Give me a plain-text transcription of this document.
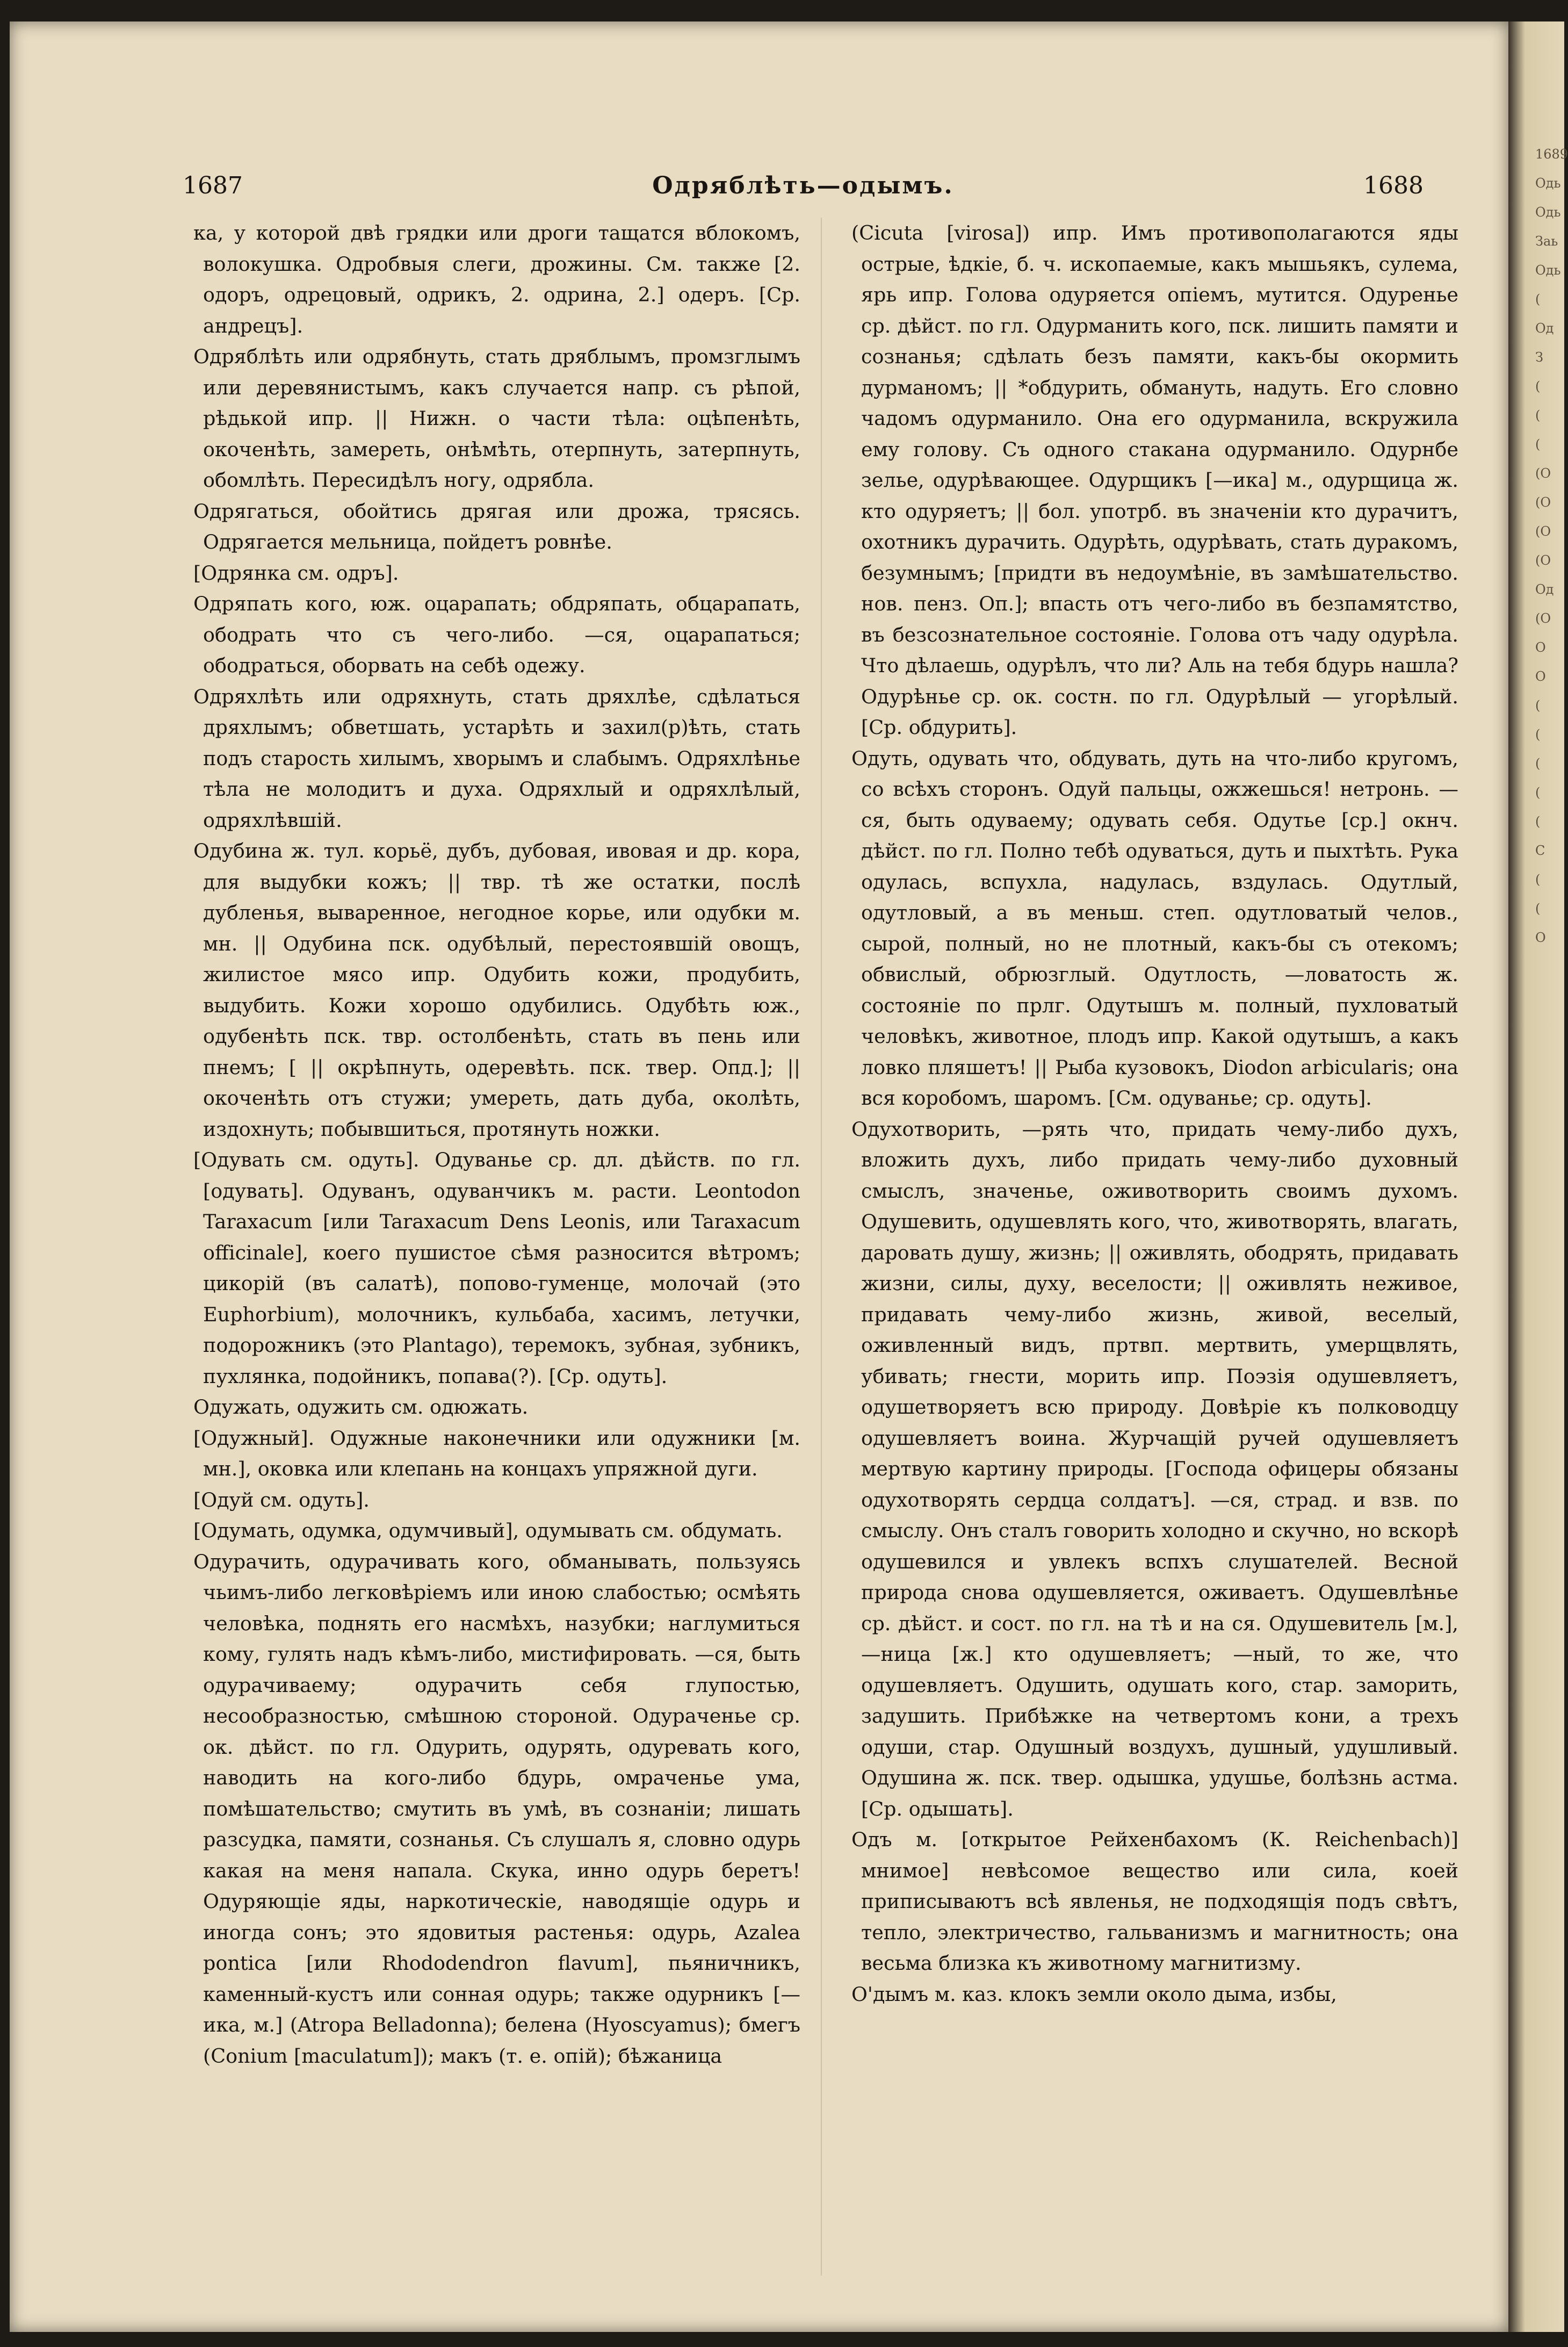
1689
Одь
Одь
Заь
Одь
(
Од
З
(
(
(
(О
(О
(О
(О
Од
(О
О
О
(
(
(
(
(
С
(
(
О
1687	Одряблѣть—одымъ.	1688

ка, у которой двѣ грядки или дроги тащатся вблокомъ, волокушка. Одробвыя слеги, дрожины. См. также [2. одоръ, одрецовый, одрикъ, 2. одрина, 2.] одеръ. [Ср. андрецъ].

Одряблѣть или одрябнуть, стать дряблымъ, промзглымъ или деревянистымъ, какъ случается напр. съ рѣпой, рѣдькой ипр. || Нижн. о части тѣла: оцѣпенѣть, окоченѣть, замереть, онѣмѣть, отерпнуть, затерпнуть, обомлѣть. Пересидѣлъ ногу, одрябла.

Одрягаться, обойтись дрягая или дрожа, трясясь. Одрягается мельница, пойдетъ ровнѣе.

[Одрянка см. одръ].

Одряпать кого, юж. оцарапать; обдряпать, обцарапать, ободрать что съ чего-либо. —ся, оцарапаться; ободраться, оборвать на себѣ одежу.

Одряхлѣть или одряхнуть, стать дряхлѣе, сдѣлаться дряхлымъ; обветшать, устарѣть и захил(р)ѣть, стать подъ старость хилымъ, хворымъ и слабымъ. Одряхлѣнье тѣла не молодитъ и духа. Одряхлый и одряхлѣлый, одряхлѣвшій.

Одубина ж. тул. корьё, дубъ, дубовая, ивовая и др. кора, для выдубки кожъ; || твр. тѣ же остатки, послѣ дубленья, вываренное, негодное корье, или одубки м. мн. || Одубина пск. одубѣлый, перестоявшій овощъ, жилистое мясо ипр. Одубить кожи, продубить, выдубить. Кожи хорошо одубились. Одубѣть юж., одубенѣть пск. твр. остолбенѣть, стать въ пень или пнемъ; [ || окрѣпнуть, одеревѣть. пск. твер. Опд.]; || окоченѣть отъ стужи; умереть, дать дуба, околѣть, издохнуть; побывшиться, протянуть ножки.

[Одувать см. одуть]. Одуванье ср. дл. дѣйств. по гл. [одувать]. Одуванъ, одуванчикъ м. расти. Leontodon Taraxacum [или Taraxacum Dens Leonis, или Taraxacum officinale], коего пушистое сѣмя разносится вѣтромъ; цикорій (въ салатѣ), попово-гуменце, молочай (это Euphorbium), молочникъ, кульбаба, хасимъ, летучки, подорожникъ (это Plantago), теремокъ, зубная, зубникъ, пухлянка, подойникъ, попава(?). [Ср. одуть].

Одужать, одужить см. одюжать.

[Одужный]. Одужные наконечники или одужники [м. мн.], оковка или клепань на концахъ упряжной дуги.

[Одуй см. одуть].

[Одумать, одумка, одумчивый], одумывать см. обдумать.

Одурачить, одурачивать кого, обманывать, пользуясь чьимъ-либо легковѣріемъ или иною слабостью; осмѣять человѣка, поднять его насмѣхъ, назубки; наглумиться кому, гулять надъ кѣмъ-либо, мистифировать. —ся, быть одурачиваему; одурачить себя глупостью, несообразностью, смѣшною стороной. Одураченье ср. ок. дѣйст. по гл. Одурить, одурять, одуревать кого, наводить на кого-либо бдурь, омраченье ума, помѣшательство; смутить въ умѣ, въ сознаніи; лишать разсудка, памяти, сознанья. Съ слушалъ я, словно одурь какая на меня напала. Скука, инно одурь беретъ! Одуряющіе яды, наркотическіе, наводящіе одурь и иногда сонъ; это ядовитыя растенья: одурь, Azalea pontica [или Rhododendron flavum], пьяничникъ, каменный-кустъ или сонная одурь; также одурникъ [—ика, м.] (Atropa Belladonna); белена (Hyoscyamus); бмегъ (Conium [maculatum]); макъ (т. е. опій); бѣжаница

(Cicuta [virosa]) ипр. Имъ противополагаются яды острые, ѣдкіе, б. ч. ископаемые, какъ мышьякъ, сулема, ярь ипр. Голова одуряется опіемъ, мутится. Одуренье ср. дѣйст. по гл. Одурманить кого, пск. лишить памяти и сознанья; сдѣлать безъ памяти, какъ-бы окормить дурманомъ; || *обдурить, обмануть, надуть. Его словно чадомъ одурманило. Она его одурманила, вскружила ему голову. Съ одного стакана одурманило. Одурнбе зелье, одурѣвающее. Одурщикъ [—ика] м., одурщица ж. кто одуряетъ; || бол. употрб. въ значеніи кто дурачитъ, охотникъ дурачить. Одурѣть, одурѣвать, стать дуракомъ, безумнымъ; [придти въ недоумѣніе, въ замѣшательство. нов. пенз. Оп.]; впасть отъ чего-либо въ безпамятство, въ безсознательное состояніе. Голова отъ чаду одурѣла. Что дѣлаешь, одурѣлъ, что ли? Аль на тебя бдурь нашла? Одурѣнье ср. ок. состн. по гл. Одурѣлый — угорѣлый. [Ср. обдурить].

Одуть, одувать что, обдувать, дуть на что-либо кругомъ, со всѣхъ сторонъ. Одуй пальцы, ожжешься! нетронь. —ся, быть одуваему; одувать себя. Одутье [ср.] окнч. дѣйст. по гл. Полно тебѣ одуваться, дуть и пыхтѣть. Рука одулась, вспухла, надулась, вздулась. Одутлый, одутловый, а въ меньш. степ. одутловатый челов., сырой, полный, но не плотный, какъ-бы съ отекомъ; обвислый, обрюзглый. Одутлость, —ловатость ж. состояніе по прлг. Одутышъ м. полный, пухловатый человѣкъ, животное, плодъ ипр. Какой одутышъ, а какъ ловко пляшетъ! || Рыба кузовокъ, Diodon arbicularis; она вся коробомъ, шаромъ. [См. одуванье; ср. одуть].

Одухотворить, —рять что, придать чему-либо духъ, вложить духъ, либо придать чему-либо духовный смыслъ, значенье, оживотворить своимъ духомъ. Одушевить, одушевлять кого, что, животворять, влагать, даровать душу, жизнь; || оживлять, ободрять, придавать жизни, силы, духу, веселости; || оживлять неживое, придавать чему-либо жизнь, живой, веселый, оживленный видъ, пртвп. мертвить, умерщвлять, убивать; гнести, морить ипр. Поэзія одушевляетъ, одушетворяетъ всю природу. Довѣріе къ полководцу одушевляетъ воина. Журчащій ручей одушевляетъ мертвую картину природы. [Господа офицеры обязаны одухотворять сердца солдатъ]. —ся, страд. и взв. по смыслу. Онъ сталъ говорить холодно и скучно, но вскорѣ одушевился и увлекъ вспхъ слушателей. Весной природа снова одушевляется, оживаетъ. Одушевлѣнье ср. дѣйст. и сост. по гл. на тѣ и на ся. Одушевитель [м.], —ница [ж.] кто одушевляетъ; —ный, то же, что одушевляетъ. Одушить, одушать кого, стар. заморить, задушить. Прибѣжке на четвертомъ кони, а трехъ одуши, стар. Одушный воздухъ, душный, удушливый. Одушина ж. пск. твер. одышка, удушье, болѣзнь астма. [Ср. одышать].

Одъ м. [открытое Рейхенбахомъ (К. Reichenbach)] мнимое] невѣсомое вещество или сила, коей приписываютъ всѣ явленья, не подходящія подъ свѣтъ, тепло, электричество, гальванизмъ и магнитность; она весьма близка къ животному магнитизму.

О'дымъ м. каз. клокъ земли около дыма, избы,
